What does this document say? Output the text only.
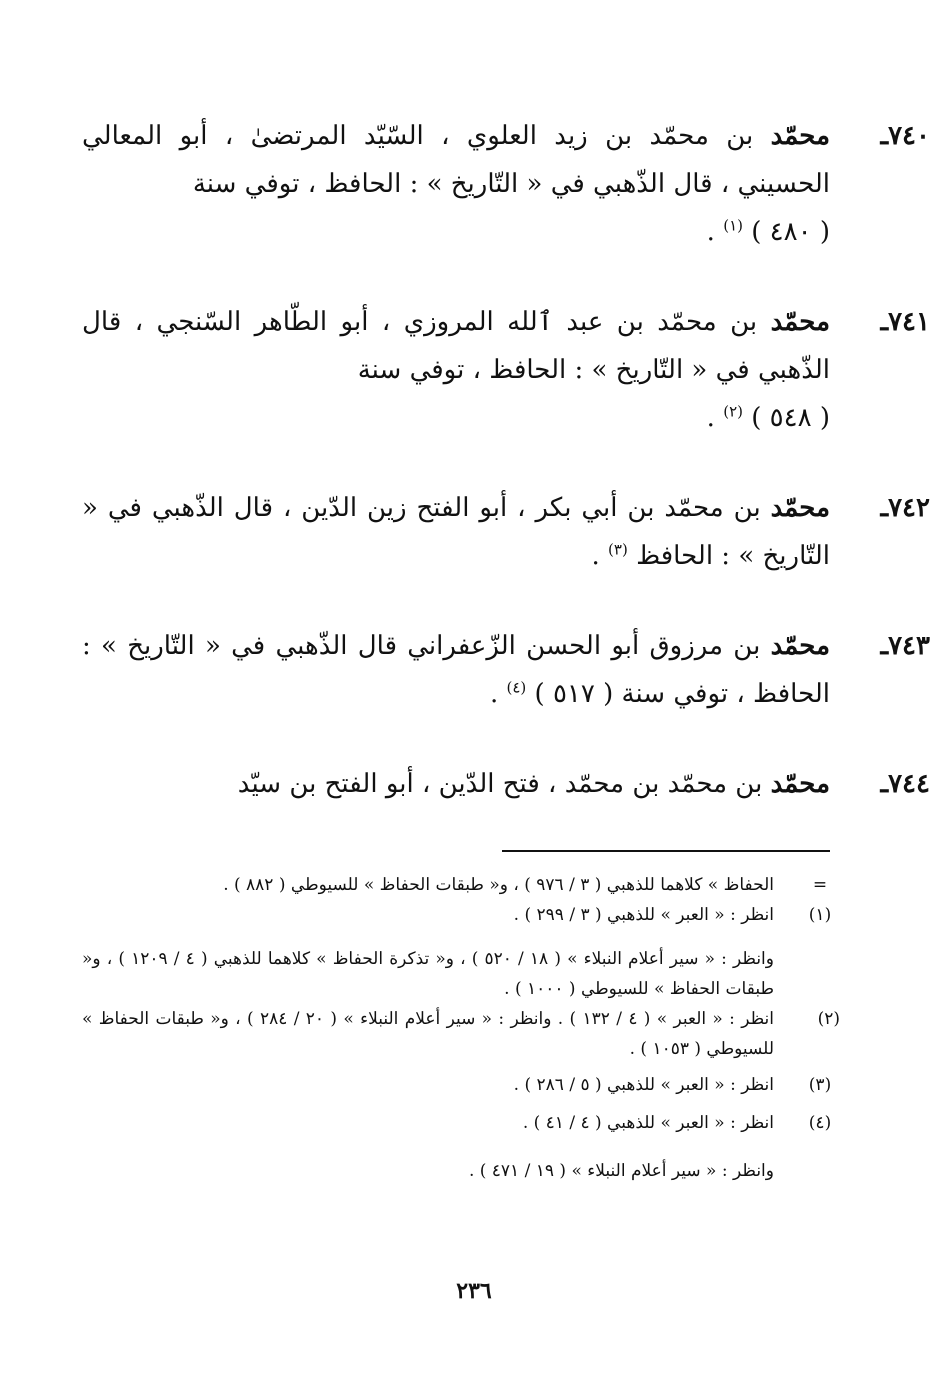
٧٤٠ـ
محمّد بن محمّد بن زيد العلوي ، السّيّد المرتضىٰ ، أبو المعالي الحسيني ، قال الذّهبي في « التّاريخ » : الحافظ ، توفي سنة
( ٤٨٠ ) $^{(١)}$ .
٧٤١ـ
محمّد بن محمّد بن عبد ٱلله المروزي ، أبو الطّاهر السّنجي ، قال الذّهبي في « التّاريخ » : الحافظ ، توفي سنة
( ٥٤٨ ) $^{(٢)}$ .
٧٤٢ـ
محمّد بن محمّد بن أبي بكر ، أبو الفتح زين الدّين ، قال الذّهبي في « التّاريخ » : الحافظ $^{(٣)}$ .
٧٤٣ـ
محمّد بن مرزوق أبو الحسن الزّعفراني قال الذّهبي في « التّاريخ » : الحافظ ، توفي سنة ( ٥١٧ ) $^{(٤)}$ .
٧٤٤ـ
محمّد بن محمّد بن محمّد ، فتح الدّين ، أبو الفتح بن سيّد
=
الحفاظ » كلاهما للذهبي ( ٣ / ٩٧٦ ) ، و« طبقات الحفاظ » للسيوطي ( ٨٨٢ ) .
(١)
انظر : « العبر » للذهبي ( ٣ / ٢٩٩ ) .
وانظر : « سير أعلام النبلاء » ( ١٨ / ٥٢٠ ) ، و« تذكرة الحفاظ » كلاهما للذهبي ( ٤ / ١٢٠٩ ) ، و« طبقات الحفاظ » للسيوطي ( ١٠٠٠ ) .
(٢)
انظر : « العبر » ( ٤ / ١٣٢ ) . وانظر : « سير أعلام النبلاء » ( ٢٠ / ٢٨٤ ) ، و« طبقات الحفاظ » للسيوطي ( ١٠٥٣ ) .
(٣)
انظر : « العبر » للذهبي ( ٥ / ٢٨٦ ) .
(٤)
انظر : « العبر » للذهبي ( ٤ / ٤١ ) .
وانظر : « سير أعلام النبلاء » ( ١٩ / ٤٧١ ) .
٢٣٦
